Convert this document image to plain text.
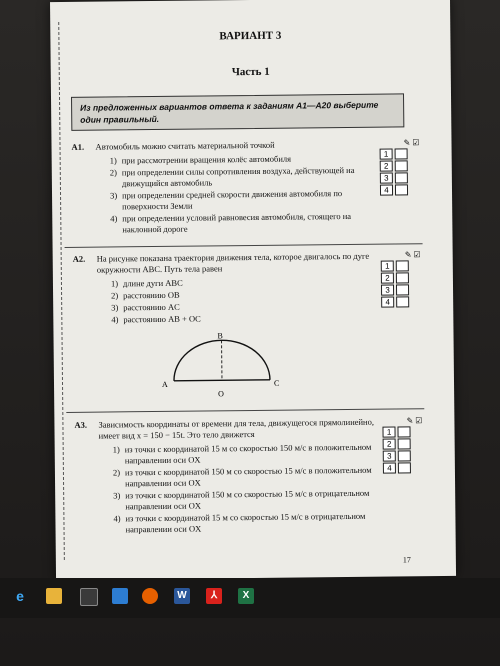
ВАРИАНТ 3
Часть 1
Из предложенных вариантов ответа к заданиям А1—А20 выберите один правильный.
A1. Автомобиль можно считать материальной точкой
1) при рассмотрении вращения колёс автомобиля
2) при определении силы сопротивления воздуха, действующей на движущийся автомобиль
3) при определении средней скорости движения автомобиля по поверхности Земли
4) при определении условий равновесия автомобиля, стоящего на наклонной дороге
✎ ☑
1
2
3
4
A2. На рисунке показана траектория движения тела, которое двигалось по дуге окружности ABC. Путь тела равен
1) длине дуги ABC
2) расстоянию OB
3) расстоянию AC
4) расстоянию AB + OC
✎ ☑
1
2
3
4
B
A	C
O
A3. Зависимость координаты от времени для тела, движущегося прямолинейно, имеет вид x = 150 − 15t. Это тело движется
1) из точки с координатой 15 м со скоростью 150 м/с в положительном направлении оси OX
2) из точки с координатой 150 м со скоростью 15 м/с в положительном направлении оси OX
3) из точки с координатой 150 м со скоростью 15 м/с в отрицательном направлении оси OX
4) из точки с координатой 15 м со скоростью 15 м/с в отрицательном направлении оси OX
✎ ☑
1
2
3
4
17
e	W	⅄	X
